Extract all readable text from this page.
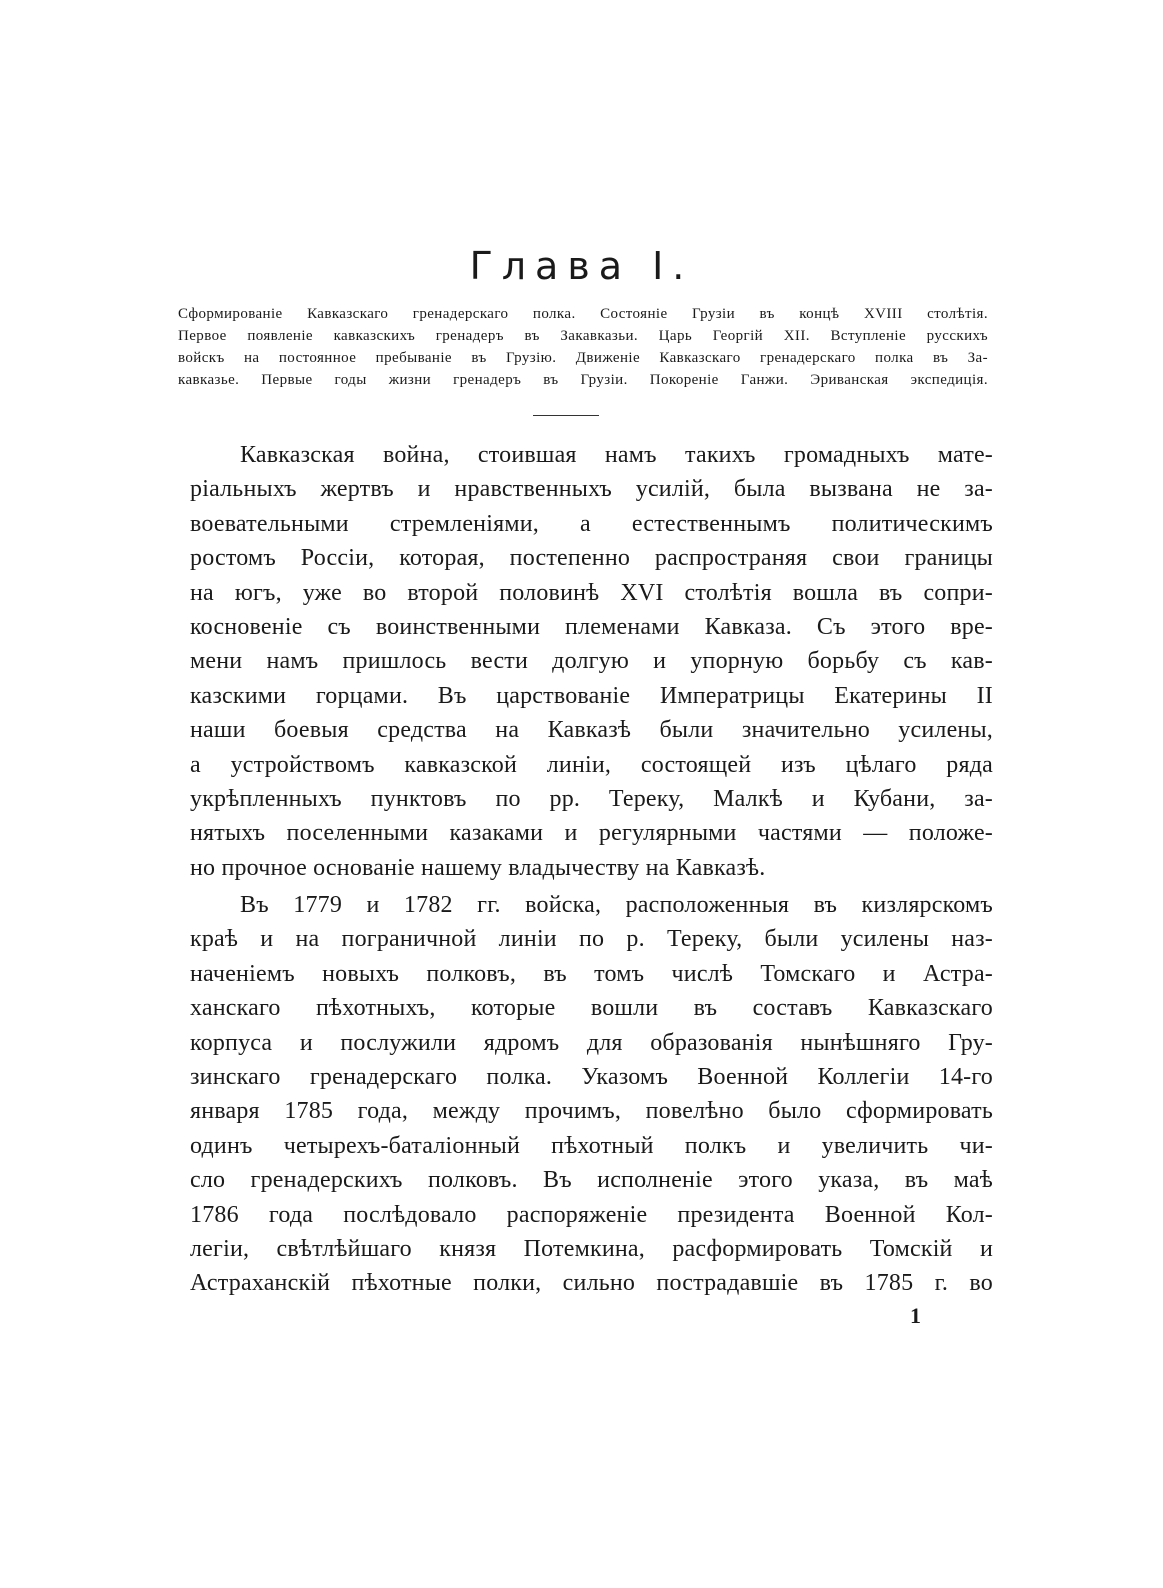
Глава I.
Сформированіе Кавказскаго гренадерскаго полка. Состояніе Грузіи въ концѣ XVIII столѣтія.
Первое появленіе кавказскихъ гренадеръ въ Закавказьи. Царь Георгій XII. Вступленіе русскихъ
войскъ на постоянное пребываніе въ Грузію. Движеніе Кавказскаго гренадерскаго полка въ За-
кавказье. Первые годы жизни гренадеръ въ Грузіи. Покореніе Ганжи. Эриванская экспедиція.
Кавказская война, стоившая намъ такихъ громадныхъ мате-
ріальныхъ жертвъ и нравственныхъ усилій, была вызвана не за-
воевательными стремленіями, а естественнымъ политическимъ
ростомъ Россіи, которая, постепенно распространяя свои границы
на югъ, уже во второй половинѣ XVI столѣтія вошла въ сопри-
косновеніе съ воинственными племенами Кавказа. Съ этого вре-
мени намъ пришлось вести долгую и упорную борьбу съ кав-
казскими горцами. Въ царствованіе Императрицы Екатерины II
наши боевыя средства на Кавказѣ были значительно усилены,
а устройствомъ кавказской линіи, состоящей изъ цѣлаго ряда
укрѣпленныхъ пунктовъ по рр. Тереку, Малкѣ и Кубани, за-
нятыхъ поселенными казаками и регулярными частями — положе-
но прочное основаніе нашему владычеству на Кавказѣ.
Въ 1779 и 1782 гг. войска, расположенныя въ кизлярскомъ
краѣ и на пограничной линіи по р. Тереку, были усилены наз-
наченіемъ новыхъ полковъ, въ томъ числѣ Томскаго и Астра-
ханскаго пѣхотныхъ, которые вошли въ составъ Кавказскаго
корпуса и послужили ядромъ для образованія нынѣшняго Гру-
зинскаго гренадерскаго полка. Указомъ Военной Коллегіи 14-го
января 1785 года, между прочимъ, повелѣно было сформировать
одинъ четырехъ-баталіонный пѣхотный полкъ и увеличить чи-
сло гренадерскихъ полковъ. Въ исполненіе этого указа, въ маѣ
1786 года послѣдовало распоряженіе президента Военной Кол-
легіи, свѣтлѣйшаго князя Потемкина, расформировать Томскій и
Астраханскій пѣхотные полки, сильно пострадавшіе въ 1785 г. во
1
